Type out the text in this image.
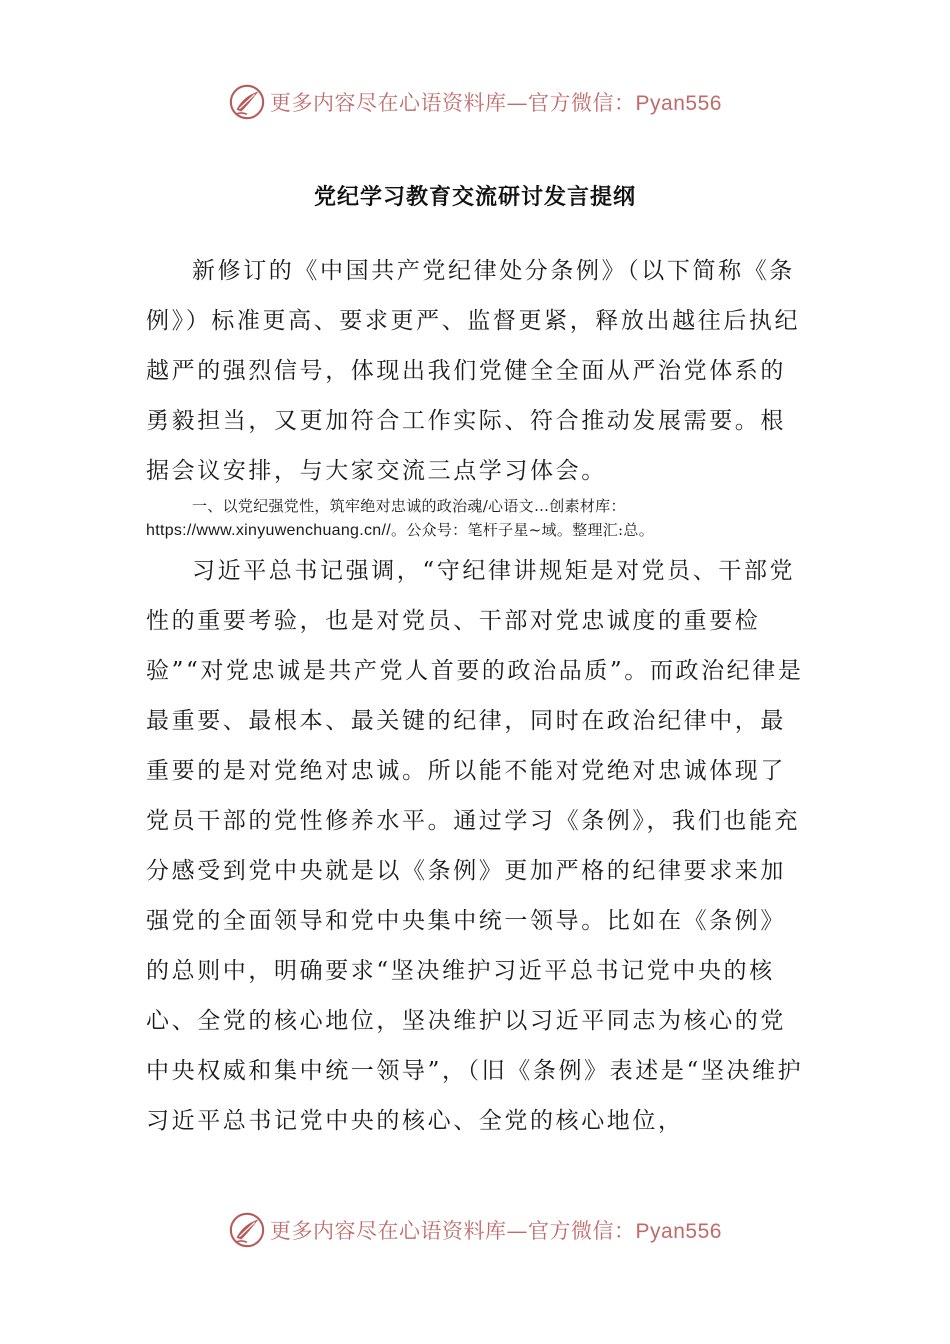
更多内容尽在心语资料库—官方微信：Pyan556
党纪学习教育交流研讨发言提纲

新修订的《中国共产党纪律处分条例》（以下简称《条例》）标准更高、要求更严、监督更紧，释放出越往后执纪越严的强烈信号，体现出我们党健全全面从严治党体系的勇毅担当，又更加符合工作实际、符合推动发展需要。根据会议安排，与大家交流三点学习体会。

一、以党纪强党性，筑牢绝对忠诚的政治魂/心语文…创素材库：https://www.xinyuwenchuang.cn//。公众号：笔杆子星~域。整理汇:总。

习近平总书记强调，“守纪律讲规矩是对党员、干部党性的重要考验，也是对党员、干部对党忠诚度的重要检验”“对党忠诚是共产党人首要的政治品质”。而政治纪律是最重要、最根本、最关键的纪律，同时在政治纪律中，最重要的是对党绝对忠诚。所以能不能对党绝对忠诚体现了党员干部的党性修养水平。通过学习《条例》，我们也能充分感受到党中央就是以《条例》更加严格的纪律要求来加强党的全面领导和党中央集中统一领导。比如在《条例》的总则中，明确要求“坚决维护习近平总书记党中央的核心、全党的核心地位，坚决维护以习近平同志为核心的党中央权威和集中统一领导”，（旧《条例》表述是“坚决维护习近平总书记党中央的核心、全党的核心地位，

更多内容尽在心语资料库—官方微信：Pyan556
